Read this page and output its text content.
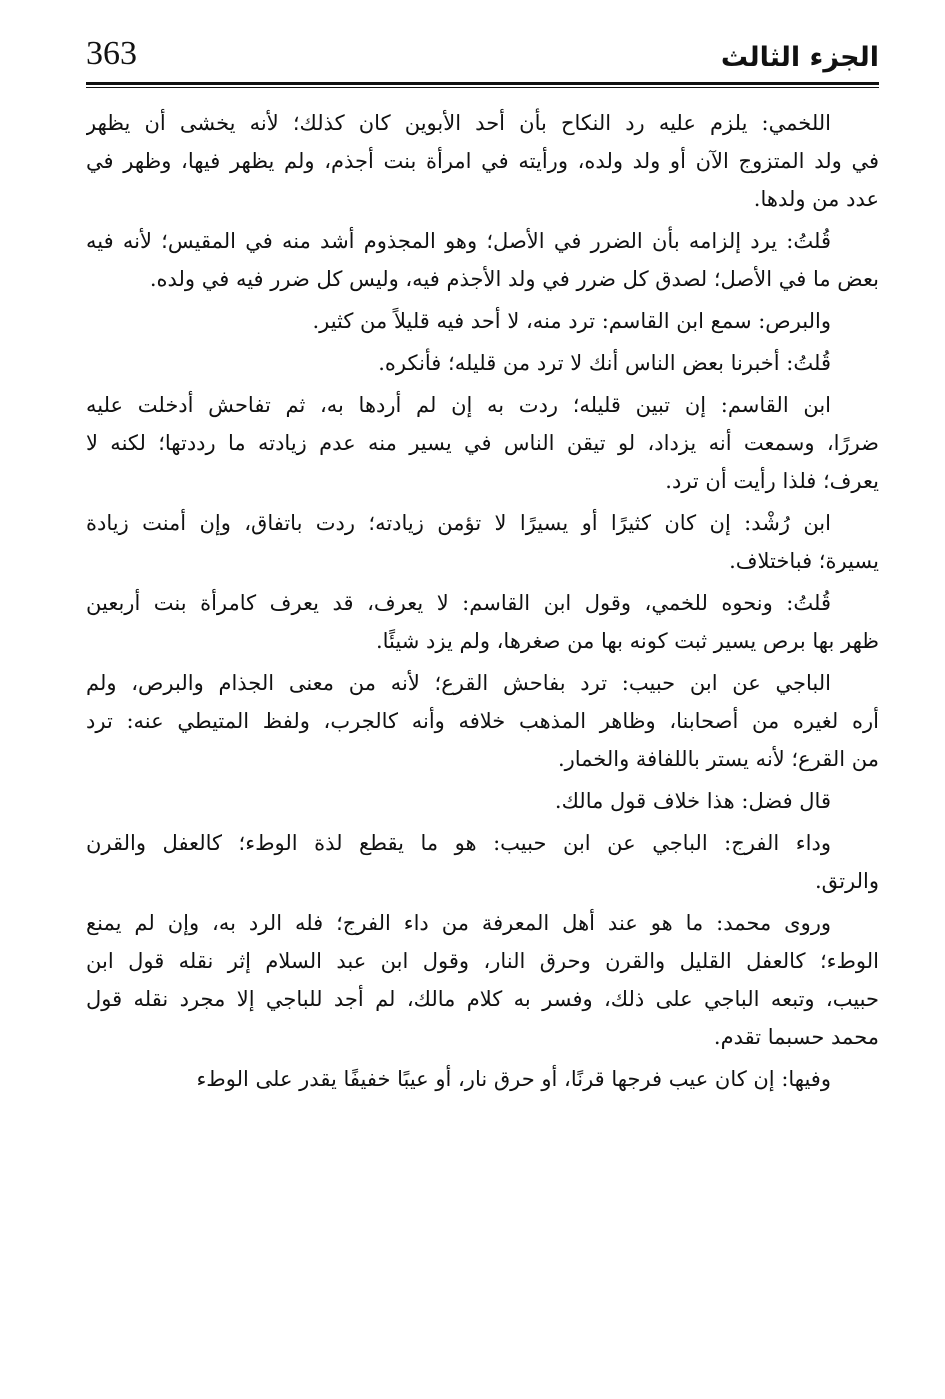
363	الجزء الثالث
اللخمي: يلزم عليه رد النكاح بأن أحد الأبوين كان كذلك؛ لأنه يخشى أن يظهر
في ولد المتزوج الآن أو ولد ولده، ورأيته في امرأة بنت أجذم، ولم يظهر فيها، وظهر في
عدد من ولدها.
قُلتُ: يرد إلزامه بأن الضرر في الأصل؛ وهو المجذوم أشد منه في المقيس؛ لأنه فيه
بعض ما في الأصل؛ لصدق كل ضرر في ولد الأجذم فيه، وليس كل ضرر فيه في ولده.
والبرص: سمع ابن القاسم: ترد منه، لا أحد فيه قليلاً من كثير.
قُلتُ: أخبرنا بعض الناس أنك لا ترد من قليله؛ فأنكره.
ابن القاسم: إن تبين قليله؛ ردت به إن لم أردها به، ثم تفاحش أدخلت عليه
ضررًا، وسمعت أنه يزداد، لو تيقن الناس في يسير منه عدم زيادته ما رددتها؛ لكنه لا
يعرف؛ فلذا رأيت أن ترد.
ابن رُشْد: إن كان كثيرًا أو يسيرًا لا تؤمن زيادته؛ ردت باتفاق، وإن أمنت زيادة
يسيرة؛ فباختلاف.
قُلتُ: ونحوه للخمي، وقول ابن القاسم: لا يعرف، قد يعرف كامرأة بنت أربعين
ظهر بها برص يسير ثبت كونه بها من صغرها، ولم يزد شيئًا.
الباجي عن ابن حبيب: ترد بفاحش القرع؛ لأنه من معنى الجذام والبرص، ولم
أره لغيره من أصحابنا، وظاهر المذهب خلافه وأنه كالجرب، ولفظ المتيطي عنه: ترد
من القرع؛ لأنه يستر باللفافة والخمار.
قال فضل: هذا خلاف قول مالك.
وداء الفرج: الباجي عن ابن حبيب: هو ما يقطع لذة الوطء؛ كالعفل والقرن
والرتق.
وروى محمد: ما هو عند أهل المعرفة من داء الفرج؛ فله الرد به، وإن لم يمنع
الوطء؛ كالعفل القليل والقرن وحرق النار، وقول ابن عبد السلام إثر نقله قول ابن
حبيب، وتبعه الباجي على ذلك، وفسر به كلام مالك، لم أجد للباجي إلا مجرد نقله قول
محمد حسبما تقدم.
وفيها: إن كان عيب فرجها قرنًا، أو حرق نار، أو عيبًا خفيفًا يقدر على الوطء
